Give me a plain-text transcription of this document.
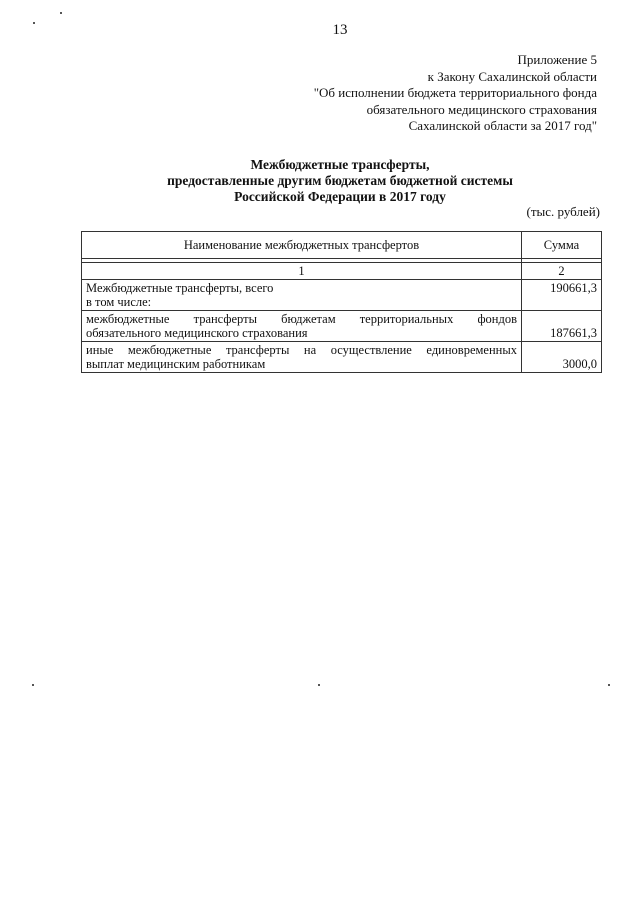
13
Приложение 5
к Закону Сахалинской области
"Об исполнении бюджета территориального фонда
обязательного медицинского страхования
Сахалинской области за 2017 год"
Межбюджетные трансферты,
предоставленные другим бюджетам бюджетной системы
Российской Федерации в 2017 году
(тыс. рублей)
Наименование межбюджетных трансфертов	Сумма

1	2

Межбюджетные трансферты, всего
в том числе:	190661,3

межбюджетные трансферты бюджетам территориальных фондов
обязательного медицинского страхования	187661,3

иные межбюджетные трансферты на осуществление единовременных
выплат медицинским работникам	3000,0
